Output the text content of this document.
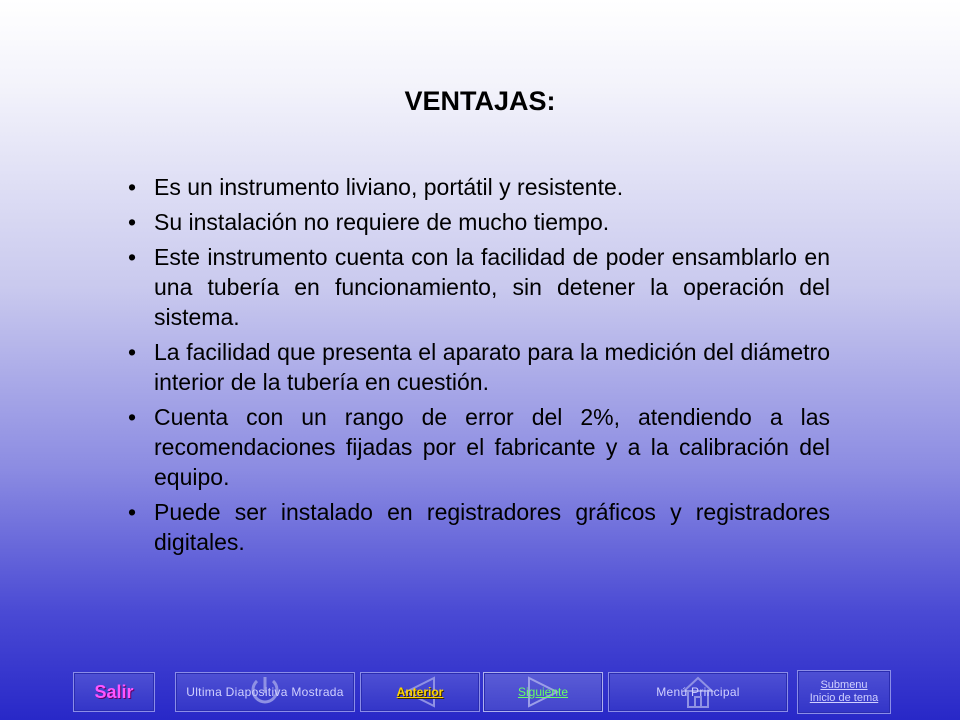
VENTAJAS:
• Es un instrumento liviano, portátil y resistente.
• Su instalación no requiere de mucho tiempo.
• Este instrumento cuenta con la facilidad de poder ensamblarlo en una tubería en funcionamiento, sin detener la operación del sistema.
• La facilidad que presenta el aparato para la medición del diámetro interior de la tubería en cuestión.
• Cuenta con un rango de error del 2%, atendiendo a las recomendaciones fijadas por el fabricante y a la calibración del equipo.
• Puede ser instalado en registradores gráficos y registradores digitales.
Salir	Ultima Diapositiva Mostrada	Anterior	Siguiente	Menú Principal	Submenu
Inicio de tema
